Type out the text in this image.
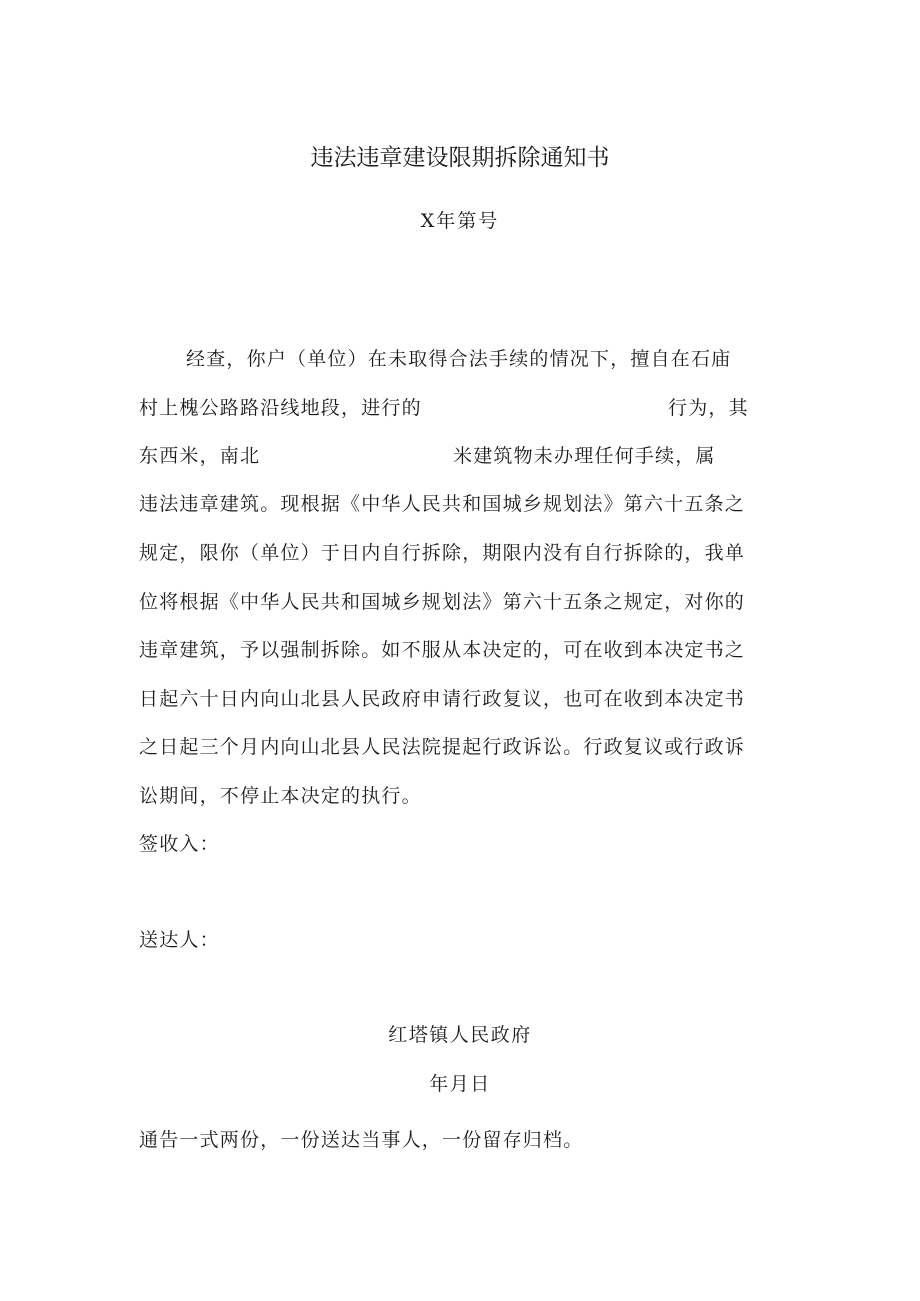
违法违章建设限期拆除通知书
X年第号
经查，你户（单位）在未取得合法手续的情况下，擅自在石庙
村上槐公路路沿线地段，进行的	行为，其
东西米，南北	米建筑物未办理任何手续，属
违法违章建筑。现根据《中华人民共和国城乡规划法》第六十五条之
规定，限你（单位）于日内自行拆除，期限内没有自行拆除的，我单
位将根据《中华人民共和国城乡规划法》第六十五条之规定，对你的
违章建筑，予以强制拆除。如不服从本决定的，可在收到本决定书之
日起六十日内向山北县人民政府申请行政复议，也可在收到本决定书
之日起三个月内向山北县人民法院提起行政诉讼。行政复议或行政诉
讼期间，不停止本决定的执行。
签收入：
送达人：
红塔镇人民政府
年月日
通告一式两份，一份送达当事人，一份留存归档。
